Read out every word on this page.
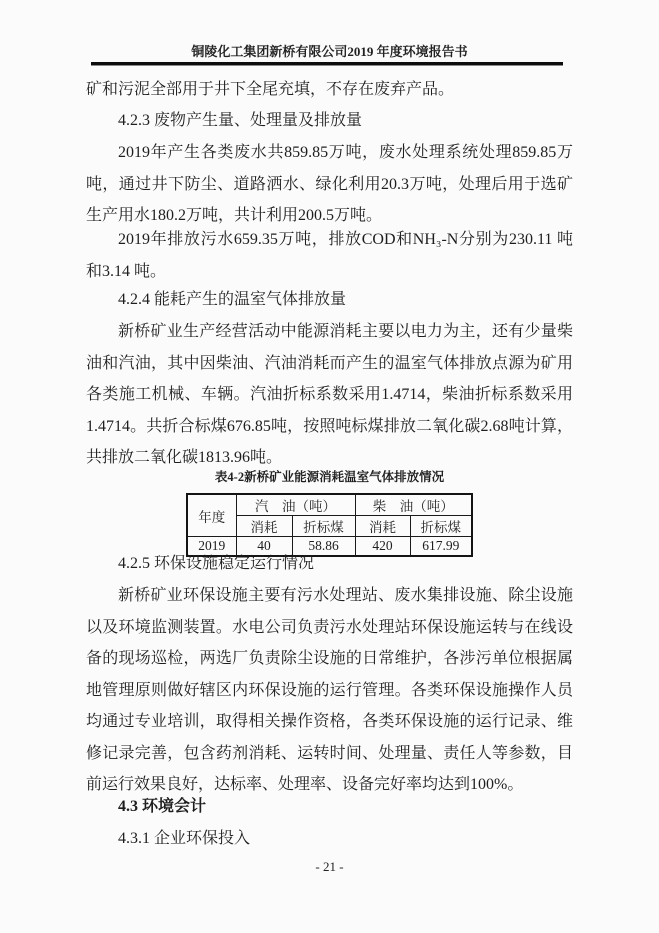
铜陵化工集团新桥有限公司2019 年度环境报告书
矿和污泥全部用于井下全尾充填，不存在废弃产品。
4.2.3 废物产生量、处理量及排放量
2019年产生各类废水共859.85万吨，废水处理系统处理859.85万
吨，通过井下防尘、道路洒水、绿化利用20.3万吨，处理后用于选矿
生产用水180.2万吨，共计利用200.5万吨。
2019年排放污水659.35万吨，排放COD和NH₃-N分别为230.11 吨
和3.14 吨。
4.2.4 能耗产生的温室气体排放量
新桥矿业生产经营活动中能源消耗主要以电力为主，还有少量柴
油和汽油，其中因柴油、汽油消耗而产生的温室气体排放点源为矿用
各类施工机械、车辆。汽油折标系数采用1.4714，柴油折标系数采用
1.4714。共折合标煤676.85吨，按照吨标煤排放二氧化碳2.68吨计算，
共排放二氧化碳1813.96吨。
表4-2新桥矿业能源消耗温室气体排放情况
年度	汽　油（吨）		柴　油（吨）	
	消耗	折标煤	消耗	折标煤
2019	40	58.86	420	617.99
4.2.5 环保设施稳定运行情况
新桥矿业环保设施主要有污水处理站、废水集排设施、除尘设施
以及环境监测装置。水电公司负责污水处理站环保设施运转与在线设
备的现场巡检，两选厂负责除尘设施的日常维护，各涉污单位根据属
地管理原则做好辖区内环保设施的运行管理。各类环保设施操作人员
均通过专业培训，取得相关操作资格，各类环保设施的运行记录、维
修记录完善，包含药剂消耗、运转时间、处理量、责任人等参数，目
前运行效果良好，达标率、处理率、设备完好率均达到100%。
4.3 环境会计
4.3.1 企业环保投入
- 21 -
